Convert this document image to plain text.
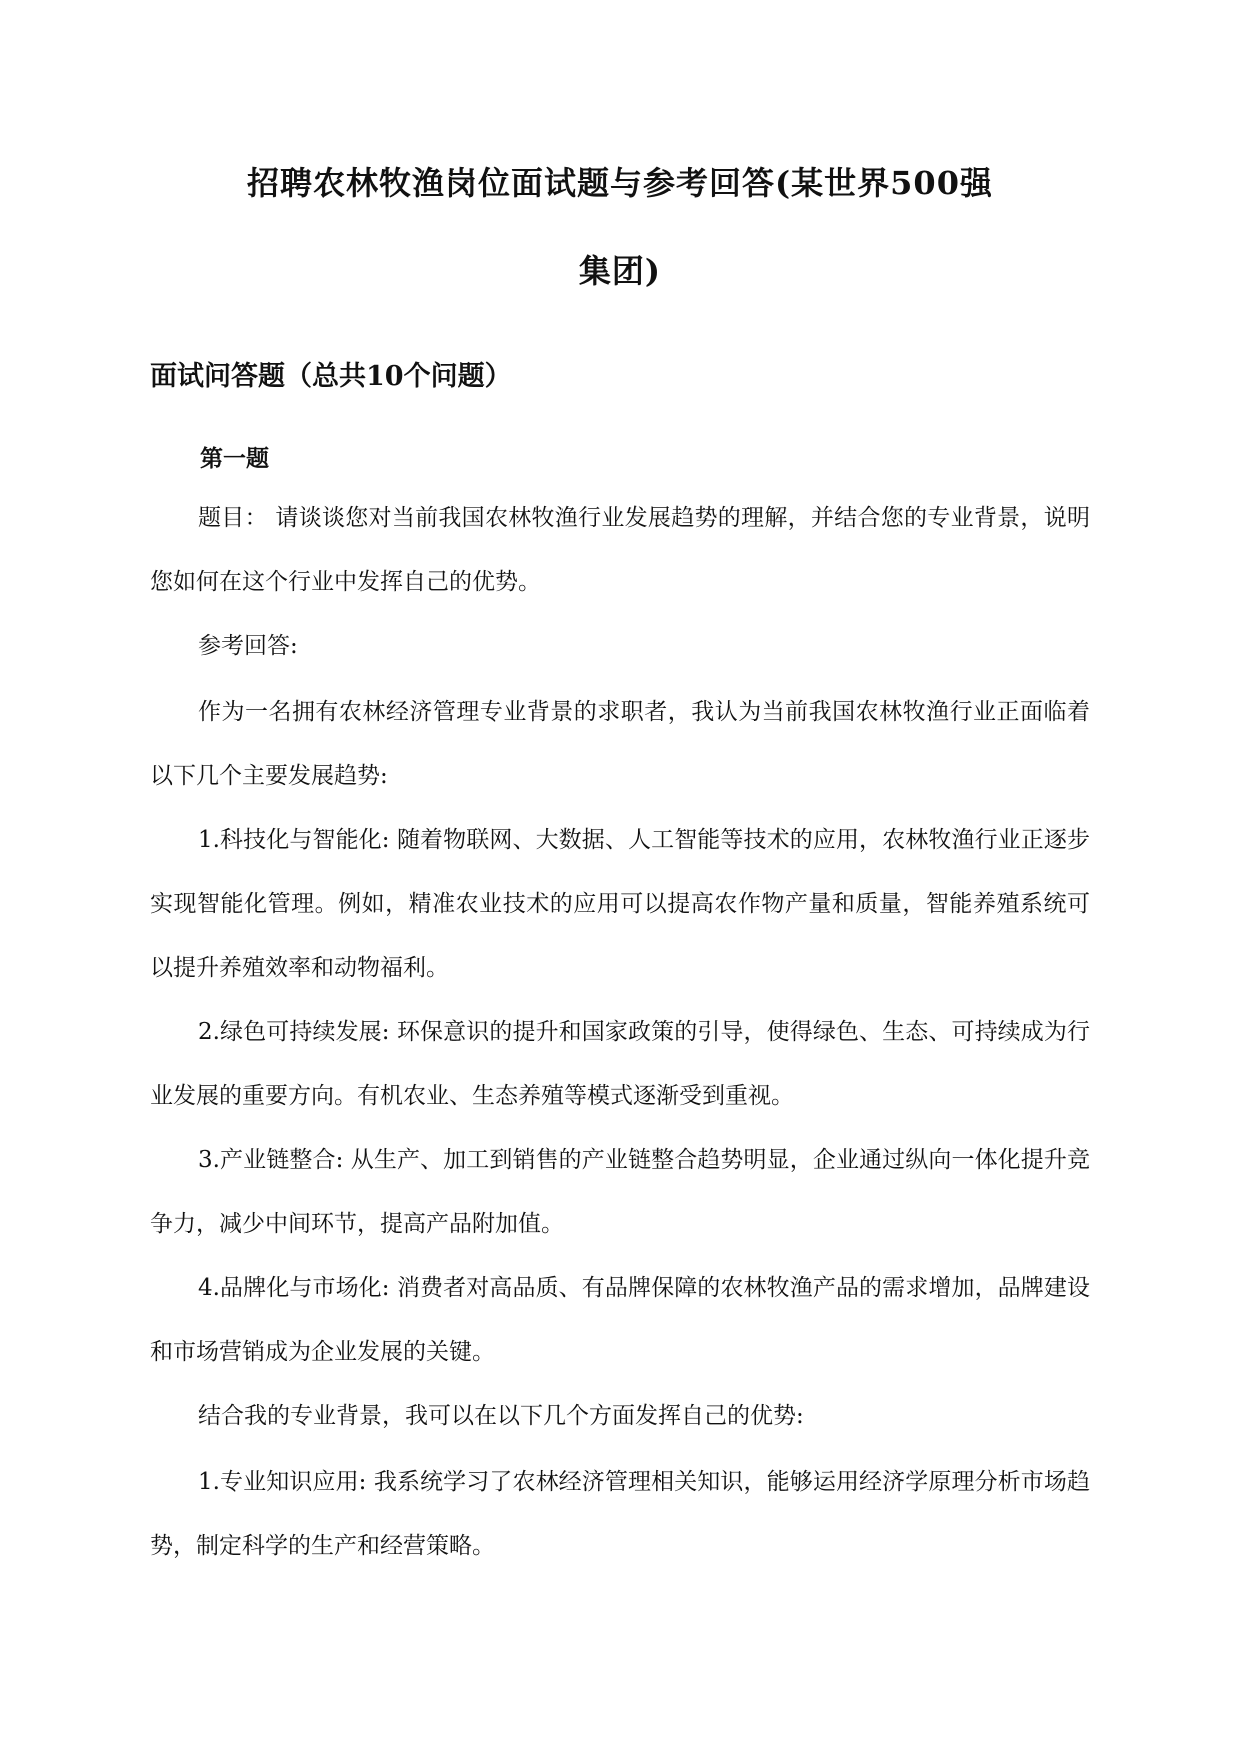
招聘农林牧渔岗位面试题与参考回答(某世界500强
集团)
面试问答题（总共10个问题）
第一题

题目： 请谈谈您对当前我国农林牧渔行业发展趋势的理解，并结合您的专业背景，说明您如何在这个行业中发挥自己的优势。

参考回答:

作为一名拥有农林经济管理专业背景的求职者，我认为当前我国农林牧渔行业正面临着以下几个主要发展趋势:

1.科技化与智能化: 随着物联网、大数据、人工智能等技术的应用，农林牧渔行业正逐步实现智能化管理。例如，精准农业技术的应用可以提高农作物产量和质量，智能养殖系统可以提升养殖效率和动物福利。

2.绿色可持续发展: 环保意识的提升和国家政策的引导，使得绿色、生态、可持续成为行业发展的重要方向。有机农业、生态养殖等模式逐渐受到重视。

3.产业链整合: 从生产、加工到销售的产业链整合趋势明显，企业通过纵向一体化提升竞争力，减少中间环节，提高产品附加值。

4.品牌化与市场化: 消费者对高品质、有品牌保障的农林牧渔产品的需求增加，品牌建设和市场营销成为企业发展的关键。

结合我的专业背景，我可以在以下几个方面发挥自己的优势:

1.专业知识应用: 我系统学习了农林经济管理相关知识，能够运用经济学原理分析市场趋势，制定科学的生产和经营策略。
